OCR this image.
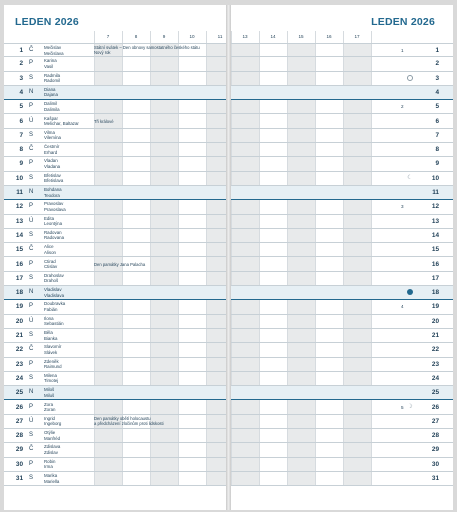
LEDEN 2026
7	8	9	10	11
1 Č Mečislav
Mečislava
Státní svátek – Den obnovy samostatného českého státu
Nový rok
2 P Karina
Vasil
3 S Radmila
Radomil
4 N Diana
Dajana
5 P Dalimil
Dalimila
6 Ú Kašpar
Melichar, Baltazar	Tři králové
7 S Vilma
Vilemína
8 Č Čestmír
Erhard
9 P Vladan
Vladana
10 S Břetislav
Břetislava
11 N Bohdana
Teodora
12 P Pravoslav
Pravoslava
13 Ú Edita
Leontýna
14 S Radovan
Radovana
15 Č Alice
Alison
16 P Ctirad
Ctislav	Den památky Jana Palacha
17 S Drahoslav
Drahoš
18 N Vladislav
Vladislava
19 P Doubravka
Fabián
20 Ú Ilona
Sebastián
21 S Běla
Bianka
22 Č Slavomír
Slávek
23 P Zdeněk
Raimund
24 S Milena
Timotej
25 N Miloš
Miluš
26 P Zora
Zoran
27 Ú Ingrid
Ingeborg
Den památky obětí holocaustu
a předcházení zločinům proti lidskosti
28 S Otýlie
Manfréd
29 Č Zdislava
Zdislav
30 P Robin
Irma
31 S Marika
Mariella
LEDEN 2026
13	14	15	16	17
1	1
2
3
4
2	5
6
7
8
9
☾	10
11
3	12
13
14
15
16
17
18
4	19
20
21
22
23
24
25
5 ☽	26
27
28
29
30
31
